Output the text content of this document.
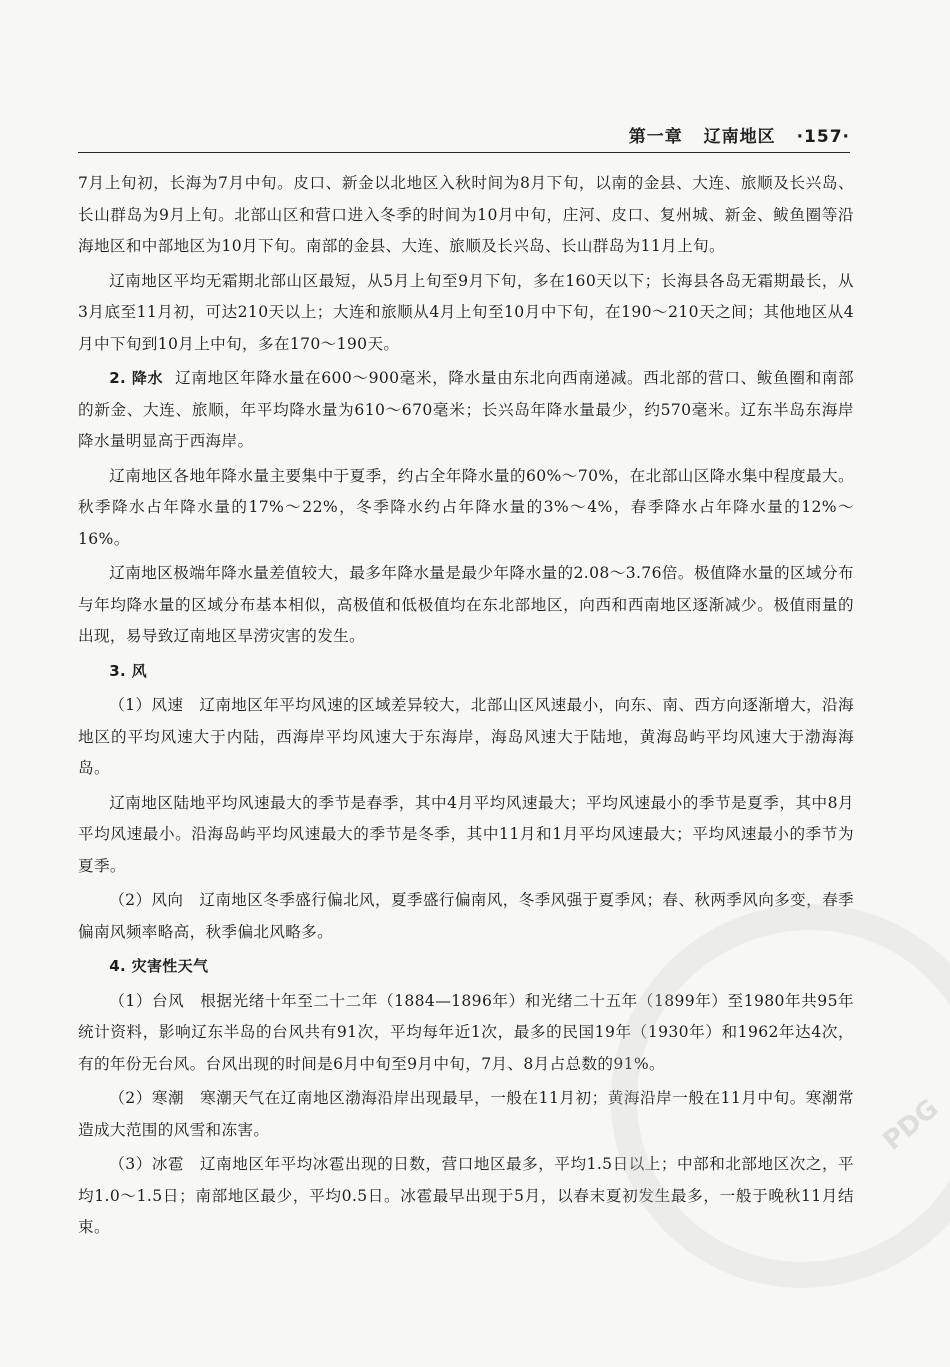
第一章 辽南地区 ·157·

7月上旬初，长海为7月中旬。皮口、新金以北地区入秋时间为8月下旬，以南的金县、大连、旅顺及长兴岛、长山群岛为9月上旬。北部山区和营口进入冬季的时间为10月中旬，庄河、皮口、复州城、新金、鲅鱼圈等沿海地区和中部地区为10月下旬。南部的金县、大连、旅顺及长兴岛、长山群岛为11月上旬。

辽南地区平均无霜期北部山区最短，从5月上旬至9月下旬，多在160天以下；长海县各岛无霜期最长，从3月底至11月初，可达210天以上；大连和旅顺从4月上旬至10月中下旬，在190～210天之间；其他地区从4月中下旬到10月上中旬，多在170～190天。

2. 降水 辽南地区年降水量在600～900毫米，降水量由东北向西南递减。西北部的营口、鲅鱼圈和南部的新金、大连、旅顺，年平均降水量为610～670毫米；长兴岛年降水量最少，约570毫米。辽东半岛东海岸降水量明显高于西海岸。

辽南地区各地年降水量主要集中于夏季，约占全年降水量的60%～70%，在北部山区降水集中程度最大。秋季降水占年降水量的17%～22%，冬季降水约占年降水量的3%～4%，春季降水占年降水量的12%～16%。

辽南地区极端年降水量差值较大，最多年降水量是最少年降水量的2.08～3.76倍。极值降水量的区域分布与年均降水量的区域分布基本相似，高极值和低极值均在东北部地区，向西和西南地区逐渐减少。极值雨量的出现，易导致辽南地区旱涝灾害的发生。

3. 风

（1）风速 辽南地区年平均风速的区域差异较大，北部山区风速最小，向东、南、西方向逐渐增大，沿海地区的平均风速大于内陆，西海岸平均风速大于东海岸，海岛风速大于陆地，黄海岛屿平均风速大于渤海海岛。

辽南地区陆地平均风速最大的季节是春季，其中4月平均风速最大；平均风速最小的季节是夏季，其中8月平均风速最小。沿海岛屿平均风速最大的季节是冬季，其中11月和1月平均风速最大；平均风速最小的季节为夏季。

（2）风向 辽南地区冬季盛行偏北风，夏季盛行偏南风，冬季风强于夏季风；春、秋两季风向多变，春季偏南风频率略高，秋季偏北风略多。

4. 灾害性天气

（1）台风 根据光绪十年至二十二年（1884—1896年）和光绪二十五年（1899年）至1980年共95年统计资料，影响辽东半岛的台风共有91次，平均每年近1次，最多的民国19年（1930年）和1962年达4次，有的年份无台风。台风出现的时间是6月中旬至9月中旬，7月、8月占总数的91%。

（2）寒潮 寒潮天气在辽南地区渤海沿岸出现最早，一般在11月初；黄海沿岸一般在11月中旬。寒潮常造成大范围的风雪和冻害。

（3）冰雹 辽南地区年平均冰雹出现的日数，营口地区最多，平均1.5日以上；中部和北部地区次之，平均1.0～1.5日；南部地区最少，平均0.5日。冰雹最早出现于5月，以春末夏初发生最多，一般于晚秋11月结束。

PDG
